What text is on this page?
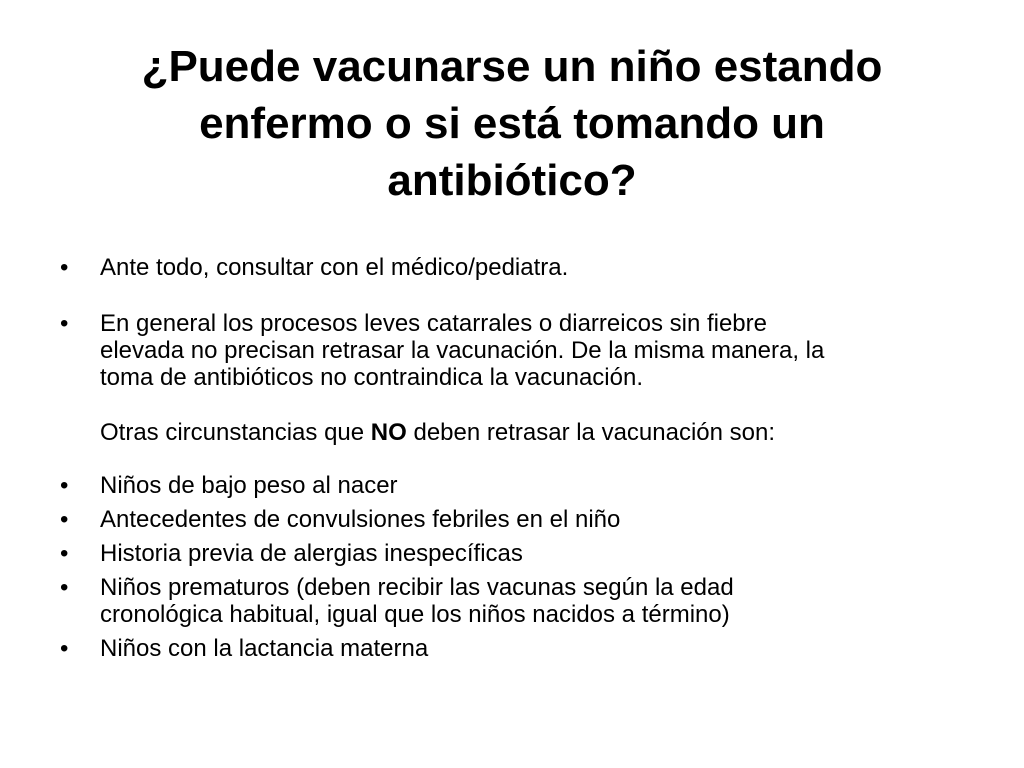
¿Puede vacunarse un niño estando
enfermo o si está tomando un
antibiótico?
• Ante todo, consultar con el médico/pediatra.
• En general los procesos leves catarrales o diarreicos sin fiebre
elevada no precisan retrasar la vacunación. De la misma manera, la
toma de antibióticos no contraindica la vacunación.
Otras circunstancias que NO deben retrasar la vacunación son:
• Niños de bajo peso al nacer
• Antecedentes de convulsiones febriles en el niño
• Historia previa de alergias inespecíficas
• Niños prematuros (deben recibir las vacunas según la edad
cronológica habitual, igual que los niños nacidos a término)
• Niños con la lactancia materna
